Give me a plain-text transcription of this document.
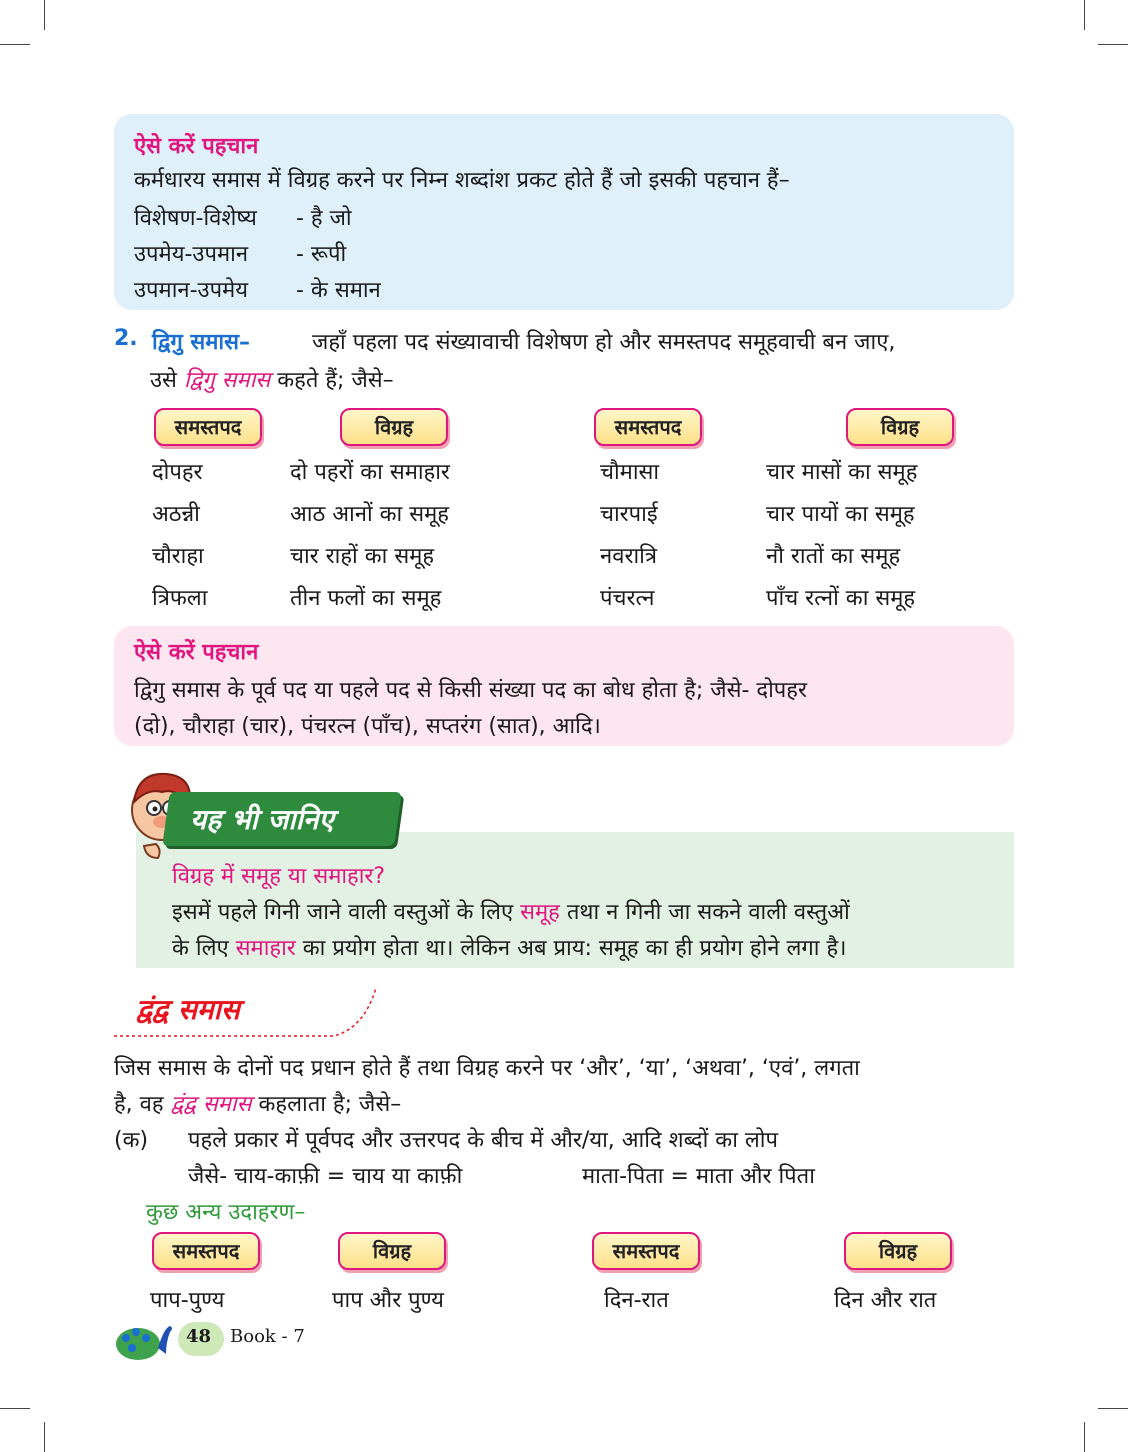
ऐसे करें पहचान
कर्मधारय समास में विग्रह करने पर निम्न शब्दांश प्रकट होते हैं जो इसकी पहचान हैं–
विशेषण-विशेष्य - है जो
उपमेय-उपमान - रूपी
उपमान-उपमेय - के समान
2. द्विगु समास–	जहाँ पहला पद संख्यावाची विशेषण हो और समस्तपद समूहवाची बन जाए,
उसे द्विगु समास कहते हैं; जैसे–
समस्तपद	विग्रह	समस्तपद	विग्रह
दोपहर	दो पहरों का समाहार	चौमासा	चार मासों का समूह
अठन्नी	आठ आनों का समूह	चारपाई	चार पायों का समूह
चौराहा	चार राहों का समूह	नवरात्रि	नौ रातों का समूह
त्रिफला	तीन फलों का समूह	पंचरत्न	पाँच रत्नों का समूह
ऐसे करें पहचान
द्विगु समास के पूर्व पद या पहले पद से किसी संख्या पद का बोध होता है; जैसे- दोपहर
(दो), चौराहा (चार), पंचरत्न (पाँच), सप्तरंग (सात), आदि।
यह भी जानिए
विग्रह में समूह या समाहार?
इसमें पहले गिनी जाने वाली वस्तुओं के लिए समूह तथा न गिनी जा सकने वाली वस्तुओं
के लिए समाहार का प्रयोग होता था। लेकिन अब प्राय: समूह का ही प्रयोग होने लगा है।
द्वंद्व समास
जिस समास के दोनों पद प्रधान होते हैं तथा विग्रह करने पर ‘और’, ‘या’, ‘अथवा’, ‘एवं’, लगता
है, वह द्वंद्व समास कहलाता है; जैसे–
(क) पहले प्रकार में पूर्वपद और उत्तरपद के बीच में और/या, आदि शब्दों का लोप
जैसे- चाय-काफ़ी = चाय या काफ़ी	माता-पिता = माता और पिता
कुछ अन्य उदाहरण–
समस्तपद	विग्रह	समस्तपद	विग्रह
पाप-पुण्य	पाप और पुण्य	दिन-रात	दिन और रात
48 Book - 7
